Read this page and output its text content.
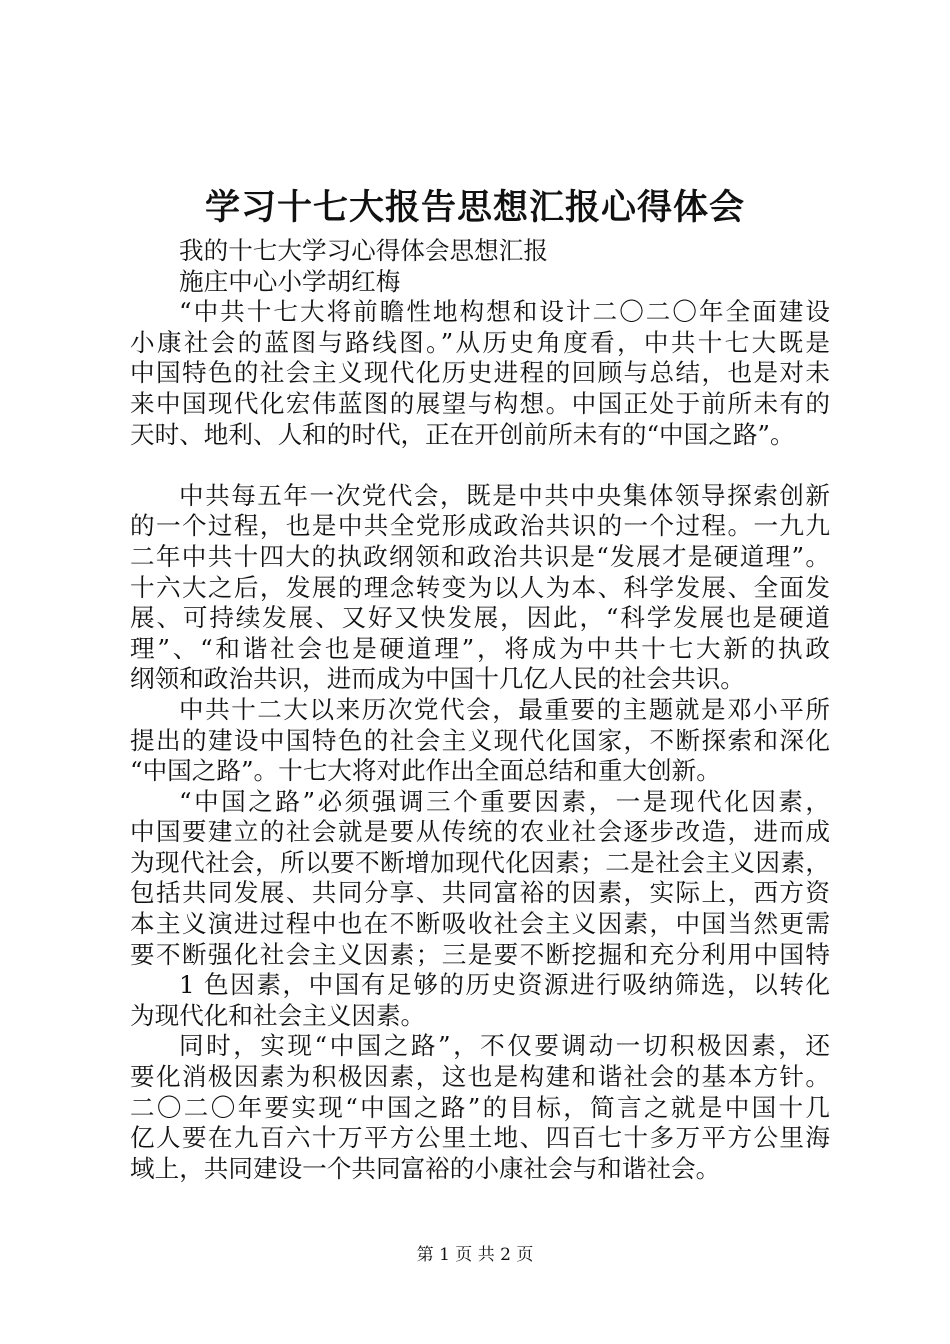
学习十七大报告思想汇报心得体会
我的十七大学习心得体会思想汇报
施庄中心小学胡红梅
“中共十七大将前瞻性地构想和设计二〇二〇年全面建设
小康社会的蓝图与路线图。”从历史角度看，中共十七大既是
中国特色的社会主义现代化历史进程的回顾与总结，也是对未
来中国现代化宏伟蓝图的展望与构想。中国正处于前所未有的
天时、地利、人和的时代，正在开创前所未有的“中国之路”。
中共每五年一次党代会，既是中共中央集体领导探索创新
的一个过程，也是中共全党形成政治共识的一个过程。一九九
二年中共十四大的执政纲领和政治共识是“发展才是硬道理”。
十六大之后，发展的理念转变为以人为本、科学发展、全面发
展、可持续发展、又好又快发展，因此，“科学发展也是硬道
理”、“和谐社会也是硬道理”，将成为中共十七大新的执政
纲领和政治共识，进而成为中国十几亿人民的社会共识。
中共十二大以来历次党代会，最重要的主题就是邓小平所
提出的建设中国特色的社会主义现代化国家，不断探索和深化
“中国之路”。十七大将对此作出全面总结和重大创新。
“中国之路”必须强调三个重要因素，一是现代化因素，
中国要建立的社会就是要从传统的农业社会逐步改造，进而成
为现代社会，所以要不断增加现代化因素；二是社会主义因素，
包括共同发展、共同分享、共同富裕的因素，实际上，西方资
本主义演进过程中也在不断吸收社会主义因素，中国当然更需
要不断强化社会主义因素；三是要不断挖掘和充分利用中国特
1 色因素，中国有足够的历史资源进行吸纳筛选，以转化
为现代化和社会主义因素。
同时，实现“中国之路”，不仅要调动一切积极因素，还
要化消极因素为积极因素，这也是构建和谐社会的基本方针。
二〇二〇年要实现“中国之路”的目标，简言之就是中国十几
亿人要在九百六十万平方公里土地、四百七十多万平方公里海
域上，共同建设一个共同富裕的小康社会与和谐社会。
第 1 页 共 2 页
